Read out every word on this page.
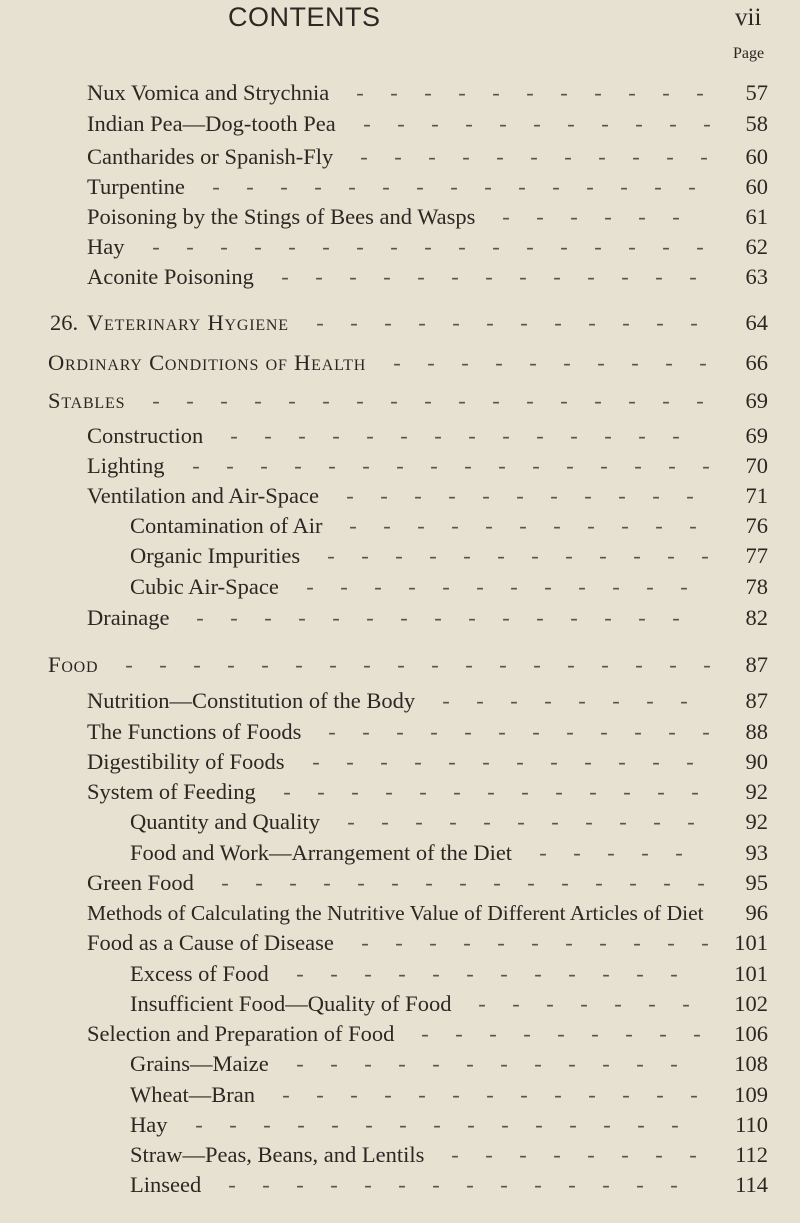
CONTENTS	vii
Page
Nux Vomica and Strychnia	57
- - - - - - - - - - -
Indian Pea—Dog-tooth Pea	58
- - - - - - - - - - -
Cantharides or Spanish-Fly	60
- - - - - - - - - - -
Turpentine	60
- - - - - - - - - - - - - - -
Poisoning by the Stings of Bees and Wasps	61
- - - - - -
Hay	62
- - - - - - - - - - - - - - - - -
Aconite Poisoning	63
- - - - - - - - - - - - -
26. Veterinary Hygiene	64
- - - - - - - - - - - -
Ordinary Conditions of Health	66
- - - - - - - - - -
Stables	69
- - - - - - - - - - - - - - - - -
Construction	69
- - - - - - - - - - - - - -
Lighting	70
- - - - - - - - - - - - - - - -
Ventilation and Air-Space	71
- - - - - - - - - - -
Contamination of Air	76
- - - - - - - - - - -
Organic Impurities	77
- - - - - - - - - - - -
Cubic Air-Space	78
- - - - - - - - - - - -
Drainage	82
- - - - - - - - - - - - - - -
Food	87
- - - - - - - - - - - - - - - - - -
Nutrition—Constitution of the Body	87
- - - - - - - -
The Functions of Foods	88
- - - - - - - - - - - -
Digestibility of Foods	90
- - - - - - - - - - - -
System of Feeding	92
- - - - - - - - - - - - -
Quantity and Quality	92
- - - - - - - - - - -
Food and Work—Arrangement of the Diet	93
- - - - -
Green Food	95
- - - - - - - - - - - - - - -
Methods of Calculating the Nutritive Value of Different Articles of Diet 96
Food as a Cause of Disease	101
- - - - - - - - - - -
Excess of Food	101
- - - - - - - - - - - -
Insufficient Food—Quality of Food	102
- - - - - - -
Selection and Preparation of Food	106
- - - - - - - - -
Grains—Maize	108
- - - - - - - - - - - -
Wheat—Bran	109
- - - - - - - - - - - - -
Hay	110
- - - - - - - - - - - - - - -
Straw—Peas, Beans, and Lentils	112
- - - - - - - -
Linseed	114
- - - - - - - - - - - - - -
